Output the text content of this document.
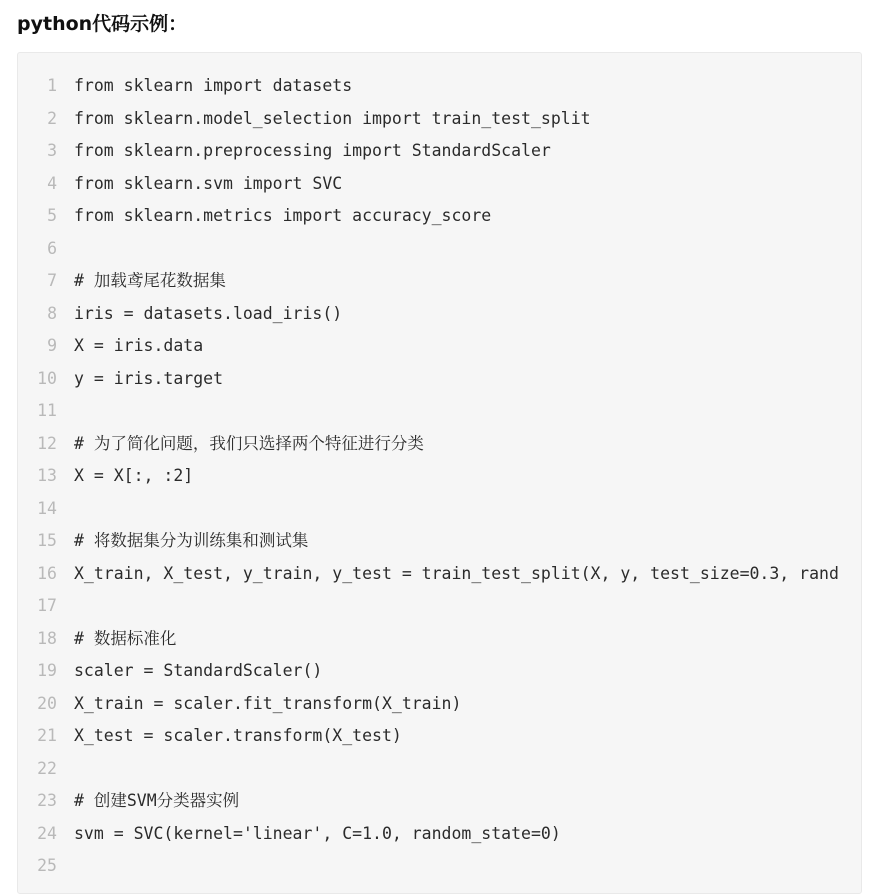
python代码示例：
1 from sklearn import datasets
2 from sklearn.model_selection import train_test_split
3 from sklearn.preprocessing import StandardScaler
4 from sklearn.svm import SVC
5 from sklearn.metrics import accuracy_score
6
7 # 加载鸢尾花数据集
8 iris = datasets.load_iris()
9 X = iris.data
10 y = iris.target
11
12 # 为了简化问题，我们只选择两个特征进行分类
13 X = X[:, :2]
14
15 # 将数据集分为训练集和测试集
16 X_train, X_test, y_train, y_test = train_test_split(X, y, test_size=0.3, rand
17
18 # 数据标准化
19 scaler = StandardScaler()
20 X_train = scaler.fit_transform(X_train)
21 X_test = scaler.transform(X_test)
22
23 # 创建SVM分类器实例
24 svm = SVC(kernel='linear', C=1.0, random_state=0)
25
